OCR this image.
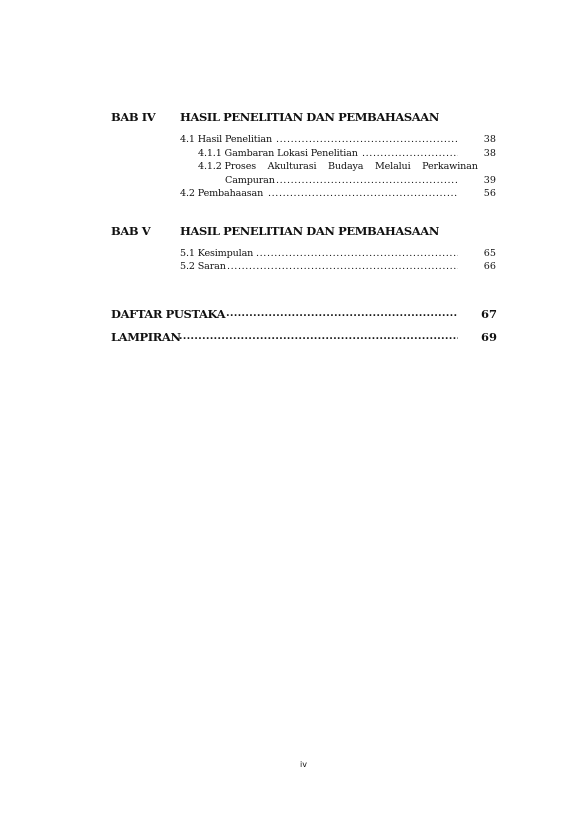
BAB IV HASIL PENELITIAN DAN PEMBAHASAAN
4.1 Hasil Penelitian .....	38
4.1.1 Gambaran Lokasi Penelitian .....	38
4.1.2 Proses    Akulturasi    Budaya    Melalui    Perkawinan
Campuran .....	39
4.2 Pembahaasan .....	56
BAB V	HASIL PENELITIAN DAN PEMBAHASAAN
5.1 Kesimpulan .....	65
5.2 Saran .....	66
DAFTAR PUSTAKA .....	67
LAMPIRAN .....	69
iv
